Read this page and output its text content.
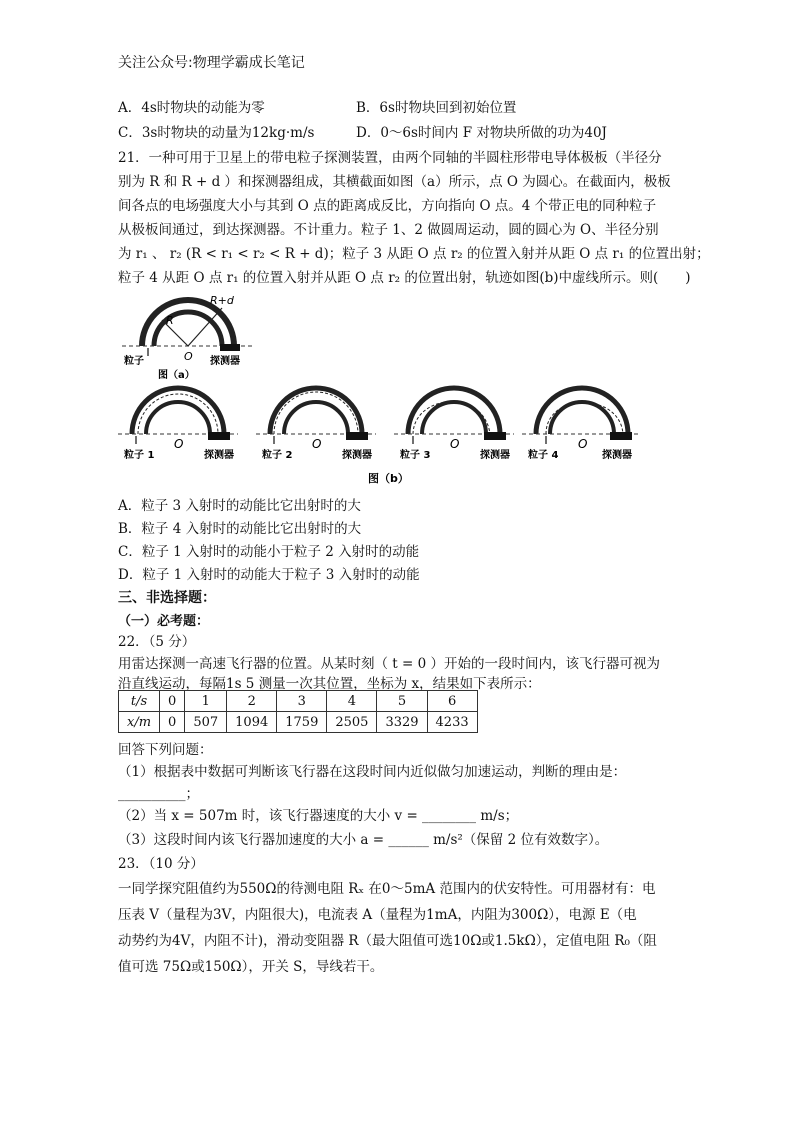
关注公众号:物理学霸成长笔记
A．4s时物块的动能为零	B．6s时物块回到初始位置
C．3s时物块的动量为12kg·m/s	D．0～6s时间内 F 对物块所做的功为40J
21．一种可用于卫星上的带电粒子探测装置，由两个同轴的半圆柱形带电导体极板（半径分
别为 R 和 R + d ）和探测器组成，其横截面如图（a）所示，点 O 为圆心。在截面内，极板
间各点的电场强度大小与其到 O 点的距离成反比，方向指向 O 点。4 个带正电的同种粒子
从极板间通过，到达探测器。不计重力。粒子 1、2 做圆周运动，圆的圆心为 O、半径分别
为 r₁ 、 r₂ (R < r₁ < r₂ < R + d)；粒子 3 从距 O 点 r₂ 的位置入射并从距 O 点 r₁ 的位置出射；
粒子 4 从距 O 点 r₁ 的位置入射并从距 O 点 r₂ 的位置出射，轨迹如图(b)中虚线所示。则(　　)
R
R+d
O
粒子	探测器
图（a）
O
粒子 1	探测器
O
粒子 2	探测器
O
粒子 3	探测器
O
粒子 4	探测器
图（b）
A．粒子 3 入射时的动能比它出射时的大
B．粒子 4 入射时的动能比它出射时的大
C．粒子 1 入射时的动能小于粒子 2 入射时的动能
D．粒子 1 入射时的动能大于粒子 3 入射时的动能
三、非选择题：
（一）必考题：
22．（5 分）
用雷达探测一高速飞行器的位置。从某时刻（ t = 0 ）开始的一段时间内，该飞行器可视为
沿直线运动，每隔1s 5 测量一次其位置，坐标为 x，结果如下表所示：
t/s	0	1	2	3	4	5	6
x/m	0	507	1094	1759	2505	3329	4233
回答下列问题：
（1）根据表中数据可判断该飞行器在这段时间内近似做匀加速运动，判断的理由是：
__________；
（2）当 x = 507m 时，该飞行器速度的大小 v = ________ m/s；
（3）这段时间内该飞行器加速度的大小 a = ______ m/s²（保留 2 位有效数字）。
23．（10 分）
一同学探究阻值约为550Ω的待测电阻 Rₓ 在0～5mA 范围内的伏安特性。可用器材有：电
压表 V（量程为3V，内阻很大)，电流表 A（量程为1mA，内阻为300Ω），电源 E（电
动势约为4V，内阻不计)，滑动变阻器 R（最大阻值可选10Ω或1.5kΩ），定值电阻 R₀（阻
值可选 75Ω或150Ω），开关 S，导线若干。
